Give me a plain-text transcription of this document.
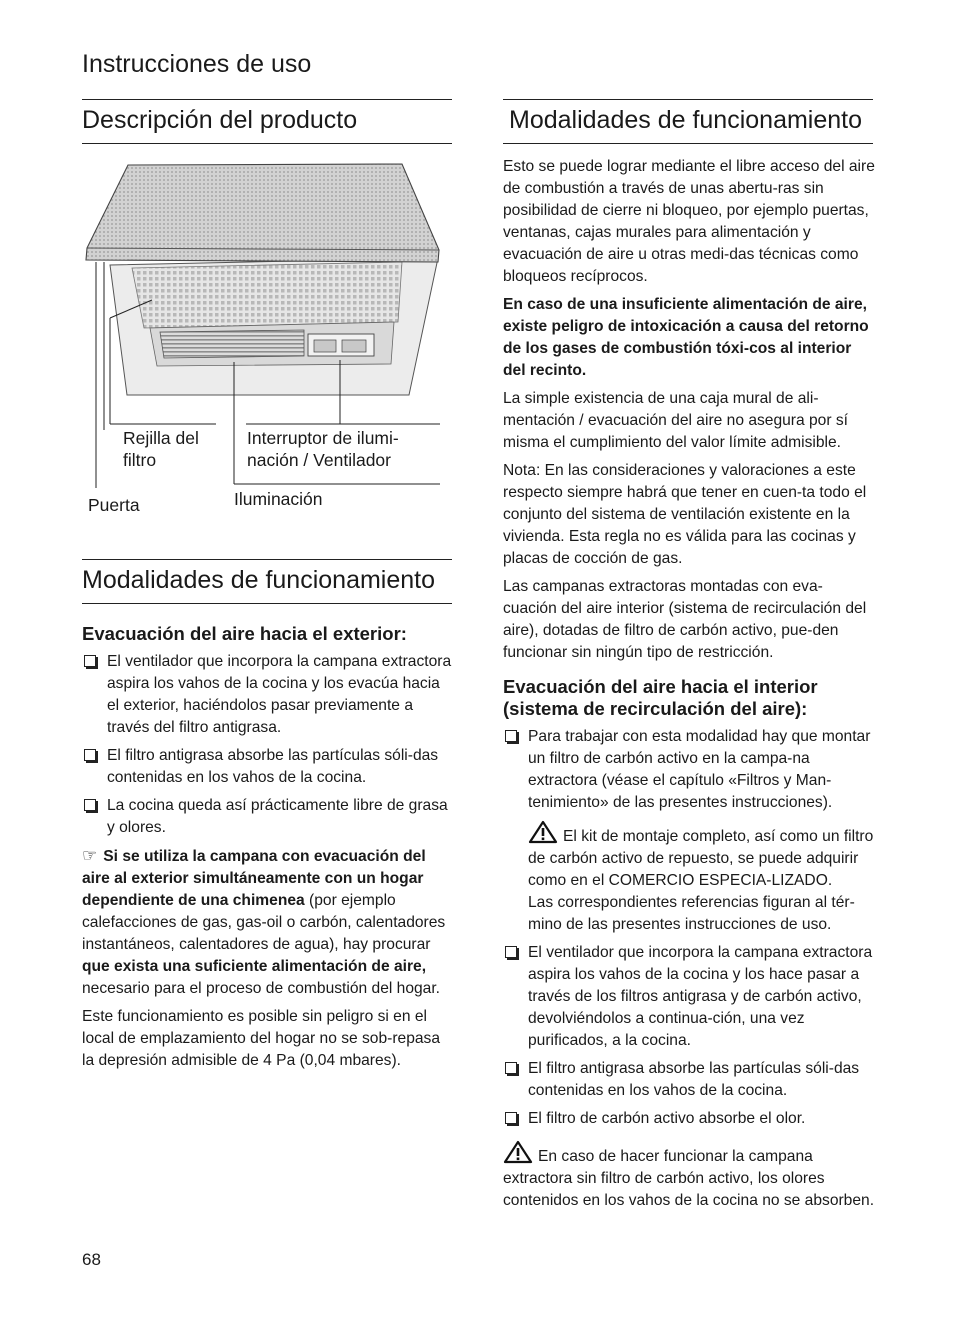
Instrucciones de uso
Descripción del producto
Rejilla del
filtro
Interruptor de ilumi-
nación / Ventilador
Puerta	Iluminación
Modalidades de funcionamiento
Evacuación del aire hacia el exterior:
El ventilador que incorpora la campana extractora aspira los vahos de la cocina y los evacúa hacia el exterior, haciéndolos pasar previamente a través del filtro antigrasa.
El filtro antigrasa absorbe las partículas sóli-das contenidas en los vahos de la cocina.
La cocina queda así prácticamente libre de grasa y olores.

☞ Si se utiliza la campana con evacuación del aire al exterior simultáneamente con un hogar dependiente de una chimenea (por ejemplo calefacciones de gas, gas-oil o carbón, calentadores instantáneos, calentadores de agua), hay procurar que exista una suficiente alimentación de aire, necesario para el proceso de combustión del hogar.

Este funcionamiento es posible sin peligro si en el local de emplazamiento del hogar no se sob-repasa la depresión admisible de 4 Pa (0,04 mbares).

Modalidades de funcionamiento

Esto se puede lograr mediante el libre acceso del aire de combustión a través de unas abertu-ras sin posibilidad de cierre ni bloqueo, por ejemplo puertas, ventanas, cajas murales para alimentación y evacuación de aire u otras medi-das técnicas como bloqueos recíprocos.

En caso de una insuficiente alimentación de aire, existe peligro de intoxicación a causa del retorno de los gases de combustión tóxi-cos al interior del recinto.

La simple existencia de una caja mural de ali-mentación / evacuación del aire no asegura por sí misma el cumplimiento del valor límite admisible.

Nota: En las consideraciones y valoraciones a este respecto siempre habrá que tener en cuen-ta todo el conjunto del sistema de ventilación existente en la vivienda. Esta regla no es válida para las cocinas y placas de cocción de gas.

Las campanas extractoras montadas con eva-cuación del aire interior (sistema de recirculación del aire), dotadas de filtro de carbón activo, pue-den funcionar sin ningún tipo de restricción.

Evacuación del aire hacia el interior (sistema de recirculación del aire):
Para trabajar con esta modalidad hay que montar un filtro de carbón activo en la campa-na extractora (véase el capítulo «Filtros y Man-tenimiento» de las presentes instrucciones).
El kit de montaje completo, así como un filtro de carbón activo de repuesto, se puede adquirir como en el COMERCIO ESPECIA-LIZADO.
Las correspondientes referencias figuran al tér-mino de las presentes instrucciones de uso.
El ventilador que incorpora la campana extractora aspira los vahos de la cocina y los hace pasar a través de los filtros antigrasa y de carbón activo, devolviéndolos a continua-ción, una vez purificados, a la cocina.
El filtro antigrasa absorbe las partículas sóli-das contenidas en los vahos de la cocina.
El filtro de carbón activo absorbe el olor.

En caso de hacer funcionar la campana extractora sin filtro de carbón activo, los olores contenidos en los vahos de la cocina no se absorben.

68
